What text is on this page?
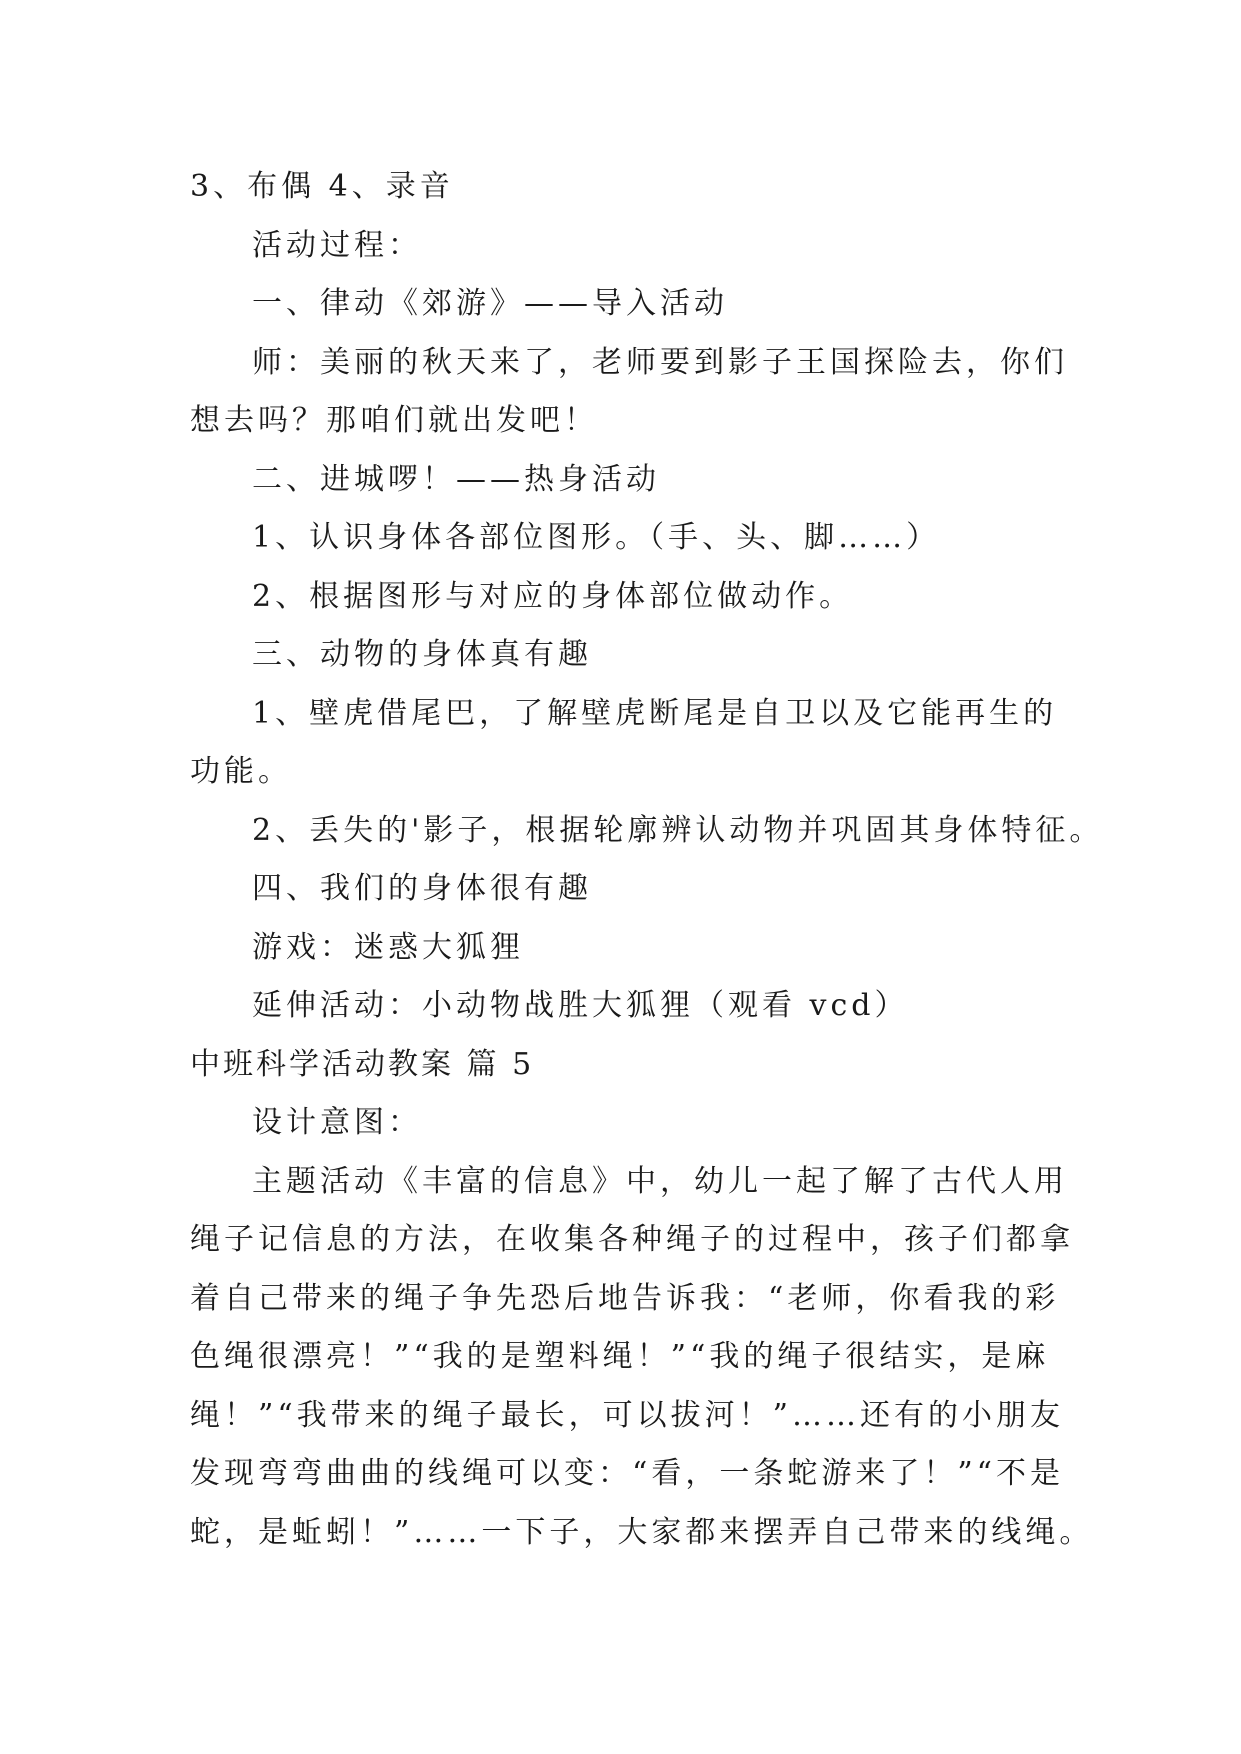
3、布偶 4、录音

活动过程：

一、律动《郊游》——导入活动

师：美丽的秋天来了，老师要到影子王国探险去，你们

想去吗？那咱们就出发吧！

二、进城啰！——热身活动

1、认识身体各部位图形。（手、头、脚……）

2、根据图形与对应的身体部位做动作。

三、动物的身体真有趣

1、壁虎借尾巴，了解壁虎断尾是自卫以及它能再生的

功能。

2、丢失的'影子，根据轮廓辨认动物并巩固其身体特征。

四、我们的身体很有趣

游戏：迷惑大狐狸

延伸活动：小动物战胜大狐狸（观看 vcd）

中班科学活动教案 篇 5

设计意图：

主题活动《丰富的信息》中，幼儿一起了解了古代人用

绳子记信息的方法，在收集各种绳子的过程中，孩子们都拿

着自己带来的绳子争先恐后地告诉我：“老师，你看我的彩

色绳很漂亮！”“我的是塑料绳！”“我的绳子很结实，是麻

绳！”“我带来的绳子最长，可以拔河！”……还有的小朋友

发现弯弯曲曲的线绳可以变：“看，一条蛇游来了！”“不是

蛇，是蚯蚓！”……一下子，大家都来摆弄自己带来的线绳。
